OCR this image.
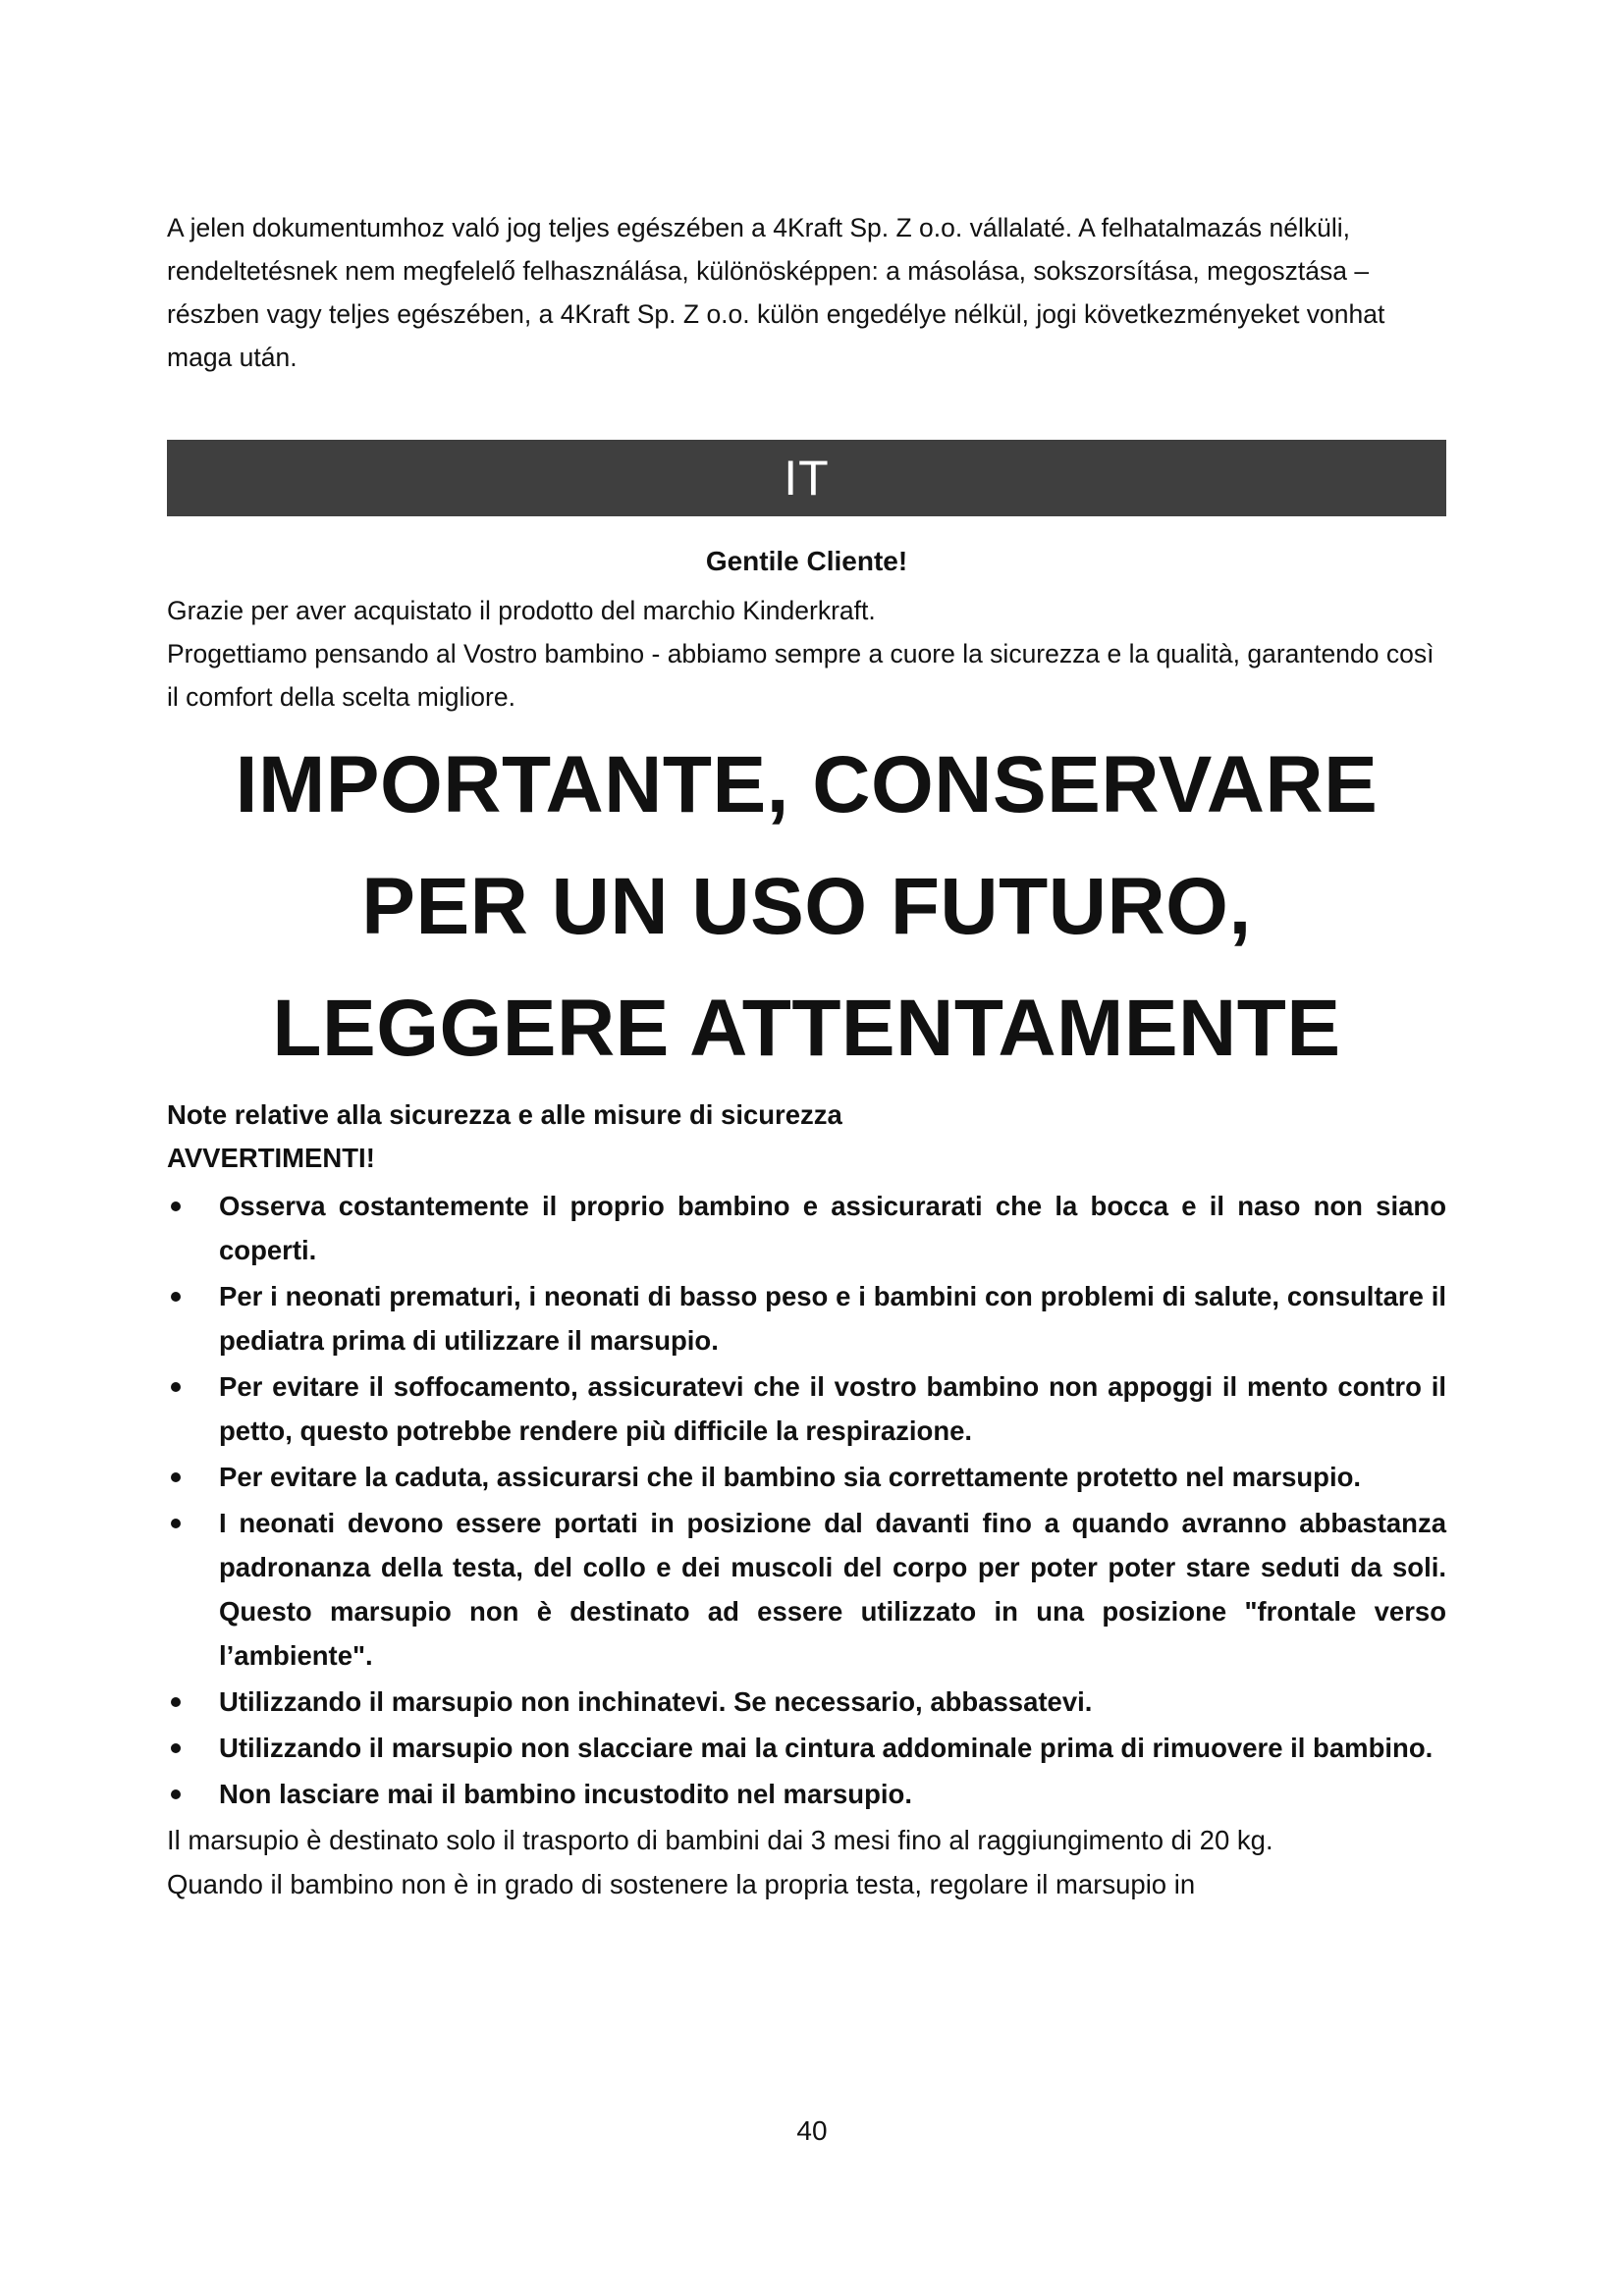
A jelen dokumentumhoz való jog teljes egészében a 4Kraft Sp. Z o.o. vállalaté. A felhatalmazás nélküli, rendeltetésnek nem megfelelő felhasználása, különösképpen: a másolása, sokszorsítása, megosztása – részben vagy teljes egészében, a 4Kraft Sp. Z o.o. külön engedélye nélkül, jogi következményeket vonhat maga után.

IT
Gentile Cliente!

Grazie per aver acquistato il prodotto del marchio Kinderkraft.

Progettiamo pensando al Vostro bambino - abbiamo sempre a cuore la sicurezza e la qualità, garantendo così il comfort della scelta migliore.

IMPORTANTE, CONSERVARE PER UN USO FUTURO, LEGGERE ATTENTAMENTE
Note relative alla sicurezza e alle misure di sicurezza
AVVERTIMENTI!
Osserva costantemente il proprio bambino e assicurarati che la bocca e il naso non siano coperti.
Per i neonati prematuri, i neonati di basso peso e i bambini con problemi di salute, consultare il pediatra prima di utilizzare il marsupio.
Per evitare il soffocamento, assicuratevi che il vostro bambino non appoggi il mento contro il petto, questo potrebbe rendere più difficile la respirazione.
Per evitare la caduta, assicurarsi che il bambino sia correttamente protetto nel marsupio.
I neonati devono essere portati in posizione dal davanti fino a quando avranno abbastanza padronanza della testa, del collo e dei muscoli del corpo per poter poter stare seduti da soli. Questo marsupio non è destinato ad essere utilizzato in una posizione "frontale verso l’ambiente".
Utilizzando il marsupio non inchinatevi. Se necessario, abbassatevi.
Utilizzando il marsupio non slacciare mai la cintura addominale prima di rimuovere il bambino.
Non lasciare mai il bambino incustodito nel marsupio.

Il marsupio è destinato solo il trasporto di bambini dai 3 mesi fino al raggiungimento di 20 kg.

Quando il bambino non è in grado di sostenere la propria testa, regolare il marsupio in

40
